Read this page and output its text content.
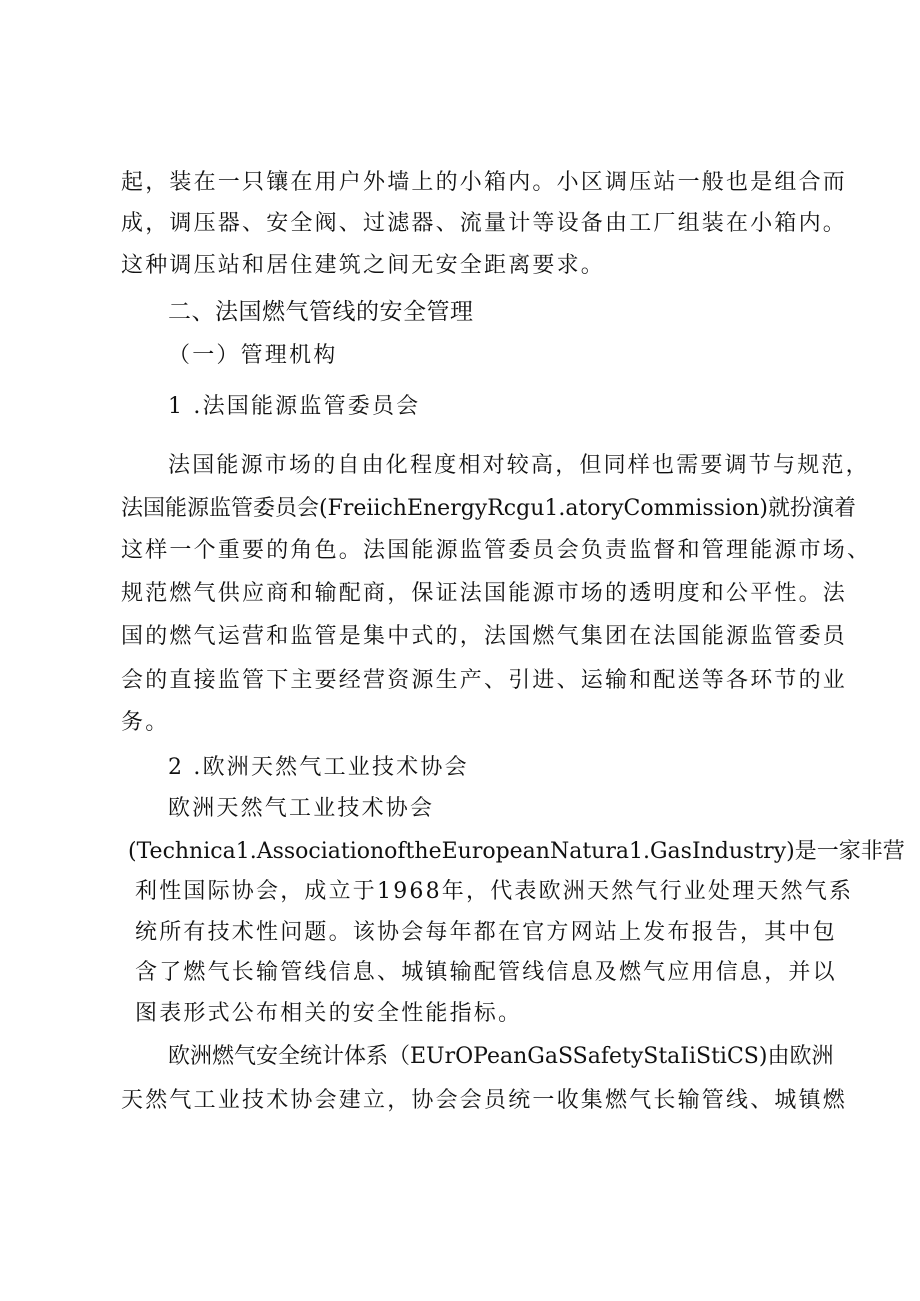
起，装在一只镶在用户外墙上的小箱内。小区调压站一般也是组合而
成，调压器、安全阀、过滤器、流量计等设备由工厂组装在小箱内。
这种调压站和居住建筑之间无安全距离要求。
二、法国燃气管线的安全管理
（一）管理机构
1 .法国能源监管委员会
法国能源市场的自由化程度相对较高，但同样也需要调节与规范，
法国能源监管委员会(FreiichEnergyRcgu1.atoryCommission)就扮演着
这样一个重要的角色。法国能源监管委员会负责监督和管理能源市场、
规范燃气供应商和输配商，保证法国能源市场的透明度和公平性。法
国的燃气运营和监管是集中式的，法国燃气集团在法国能源监管委员
会的直接监管下主要经营资源生产、引进、运输和配送等各环节的业
务。
2 .欧洲天然气工业技术协会
欧洲天然气工业技术协会
(Technica1.AssociationoftheEuropeanNatura1.GasIndustry)是一家非营
利性国际协会，成立于1968年，代表欧洲天然气行业处理天然气系
统所有技术性问题。该协会每年都在官方网站上发布报告，其中包
含了燃气长输管线信息、城镇输配管线信息及燃气应用信息，并以
图表形式公布相关的安全性能指标。
欧洲燃气安全统计体系（EUrOPeanGaSSafetyStaIiStiCS)由欧洲
天然气工业技术协会建立，协会会员统一收集燃气长输管线、城镇燃
